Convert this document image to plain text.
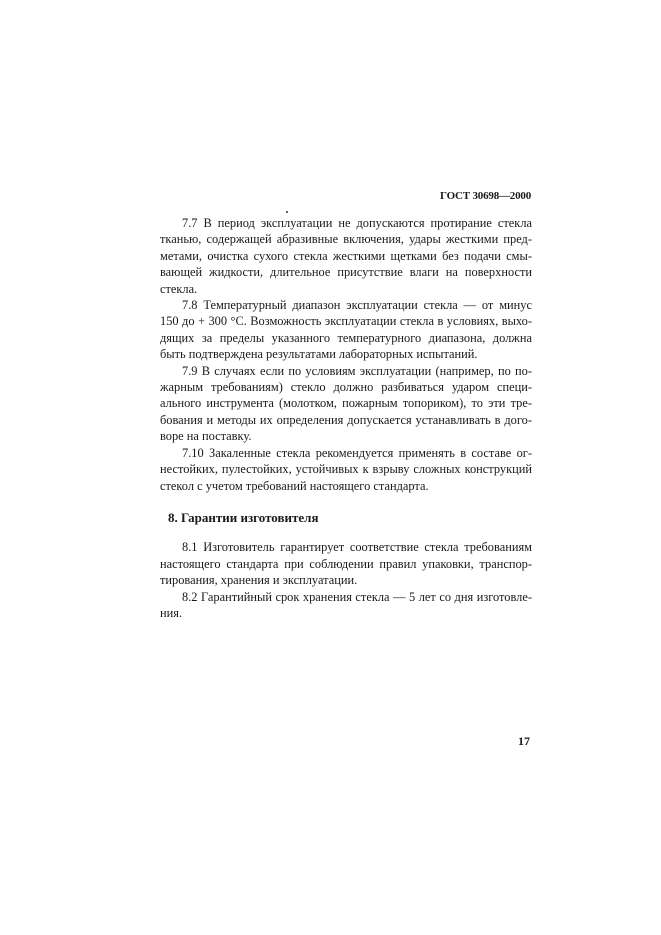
ГОСТ 30698—2000

7.7 В период эксплуатации не допускаются протирание стекла тканью, содержащей абразивные включения, удары жесткими предметами, очистка сухого стекла жесткими щетками без подачи смывающей жидкости, длительное присутствие влаги на поверхности стекла.

7.8 Температурный диапазон эксплуатации стекла — от минус 150 до + 300 °С. Возможность эксплуатации стекла в условиях, выходящих за пределы указанного температурного диапазона, должна быть подтверждена результатами лабораторных испытаний.

7.9 В случаях если по условиям эксплуатации (например, по пожарным требованиям) стекло должно разбиваться ударом специального инструмента (молотком, пожарным топориком), то эти требования и методы их определения допускается устанавливать в договоре на поставку.

7.10 Закаленные стекла рекомендуется применять в составе огнестойких, пулестойких, устойчивых к взрыву сложных конструкций стекол с учетом требований настоящего стандарта.

8. Гарантии изготовителя

8.1 Изготовитель гарантирует соответствие стекла требованиям настоящего стандарта при соблюдении правил упаковки, транспортирования, хранения и эксплуатации.

8.2 Гарантийный срок хранения стекла — 5 лет со дня изготовления.

17
